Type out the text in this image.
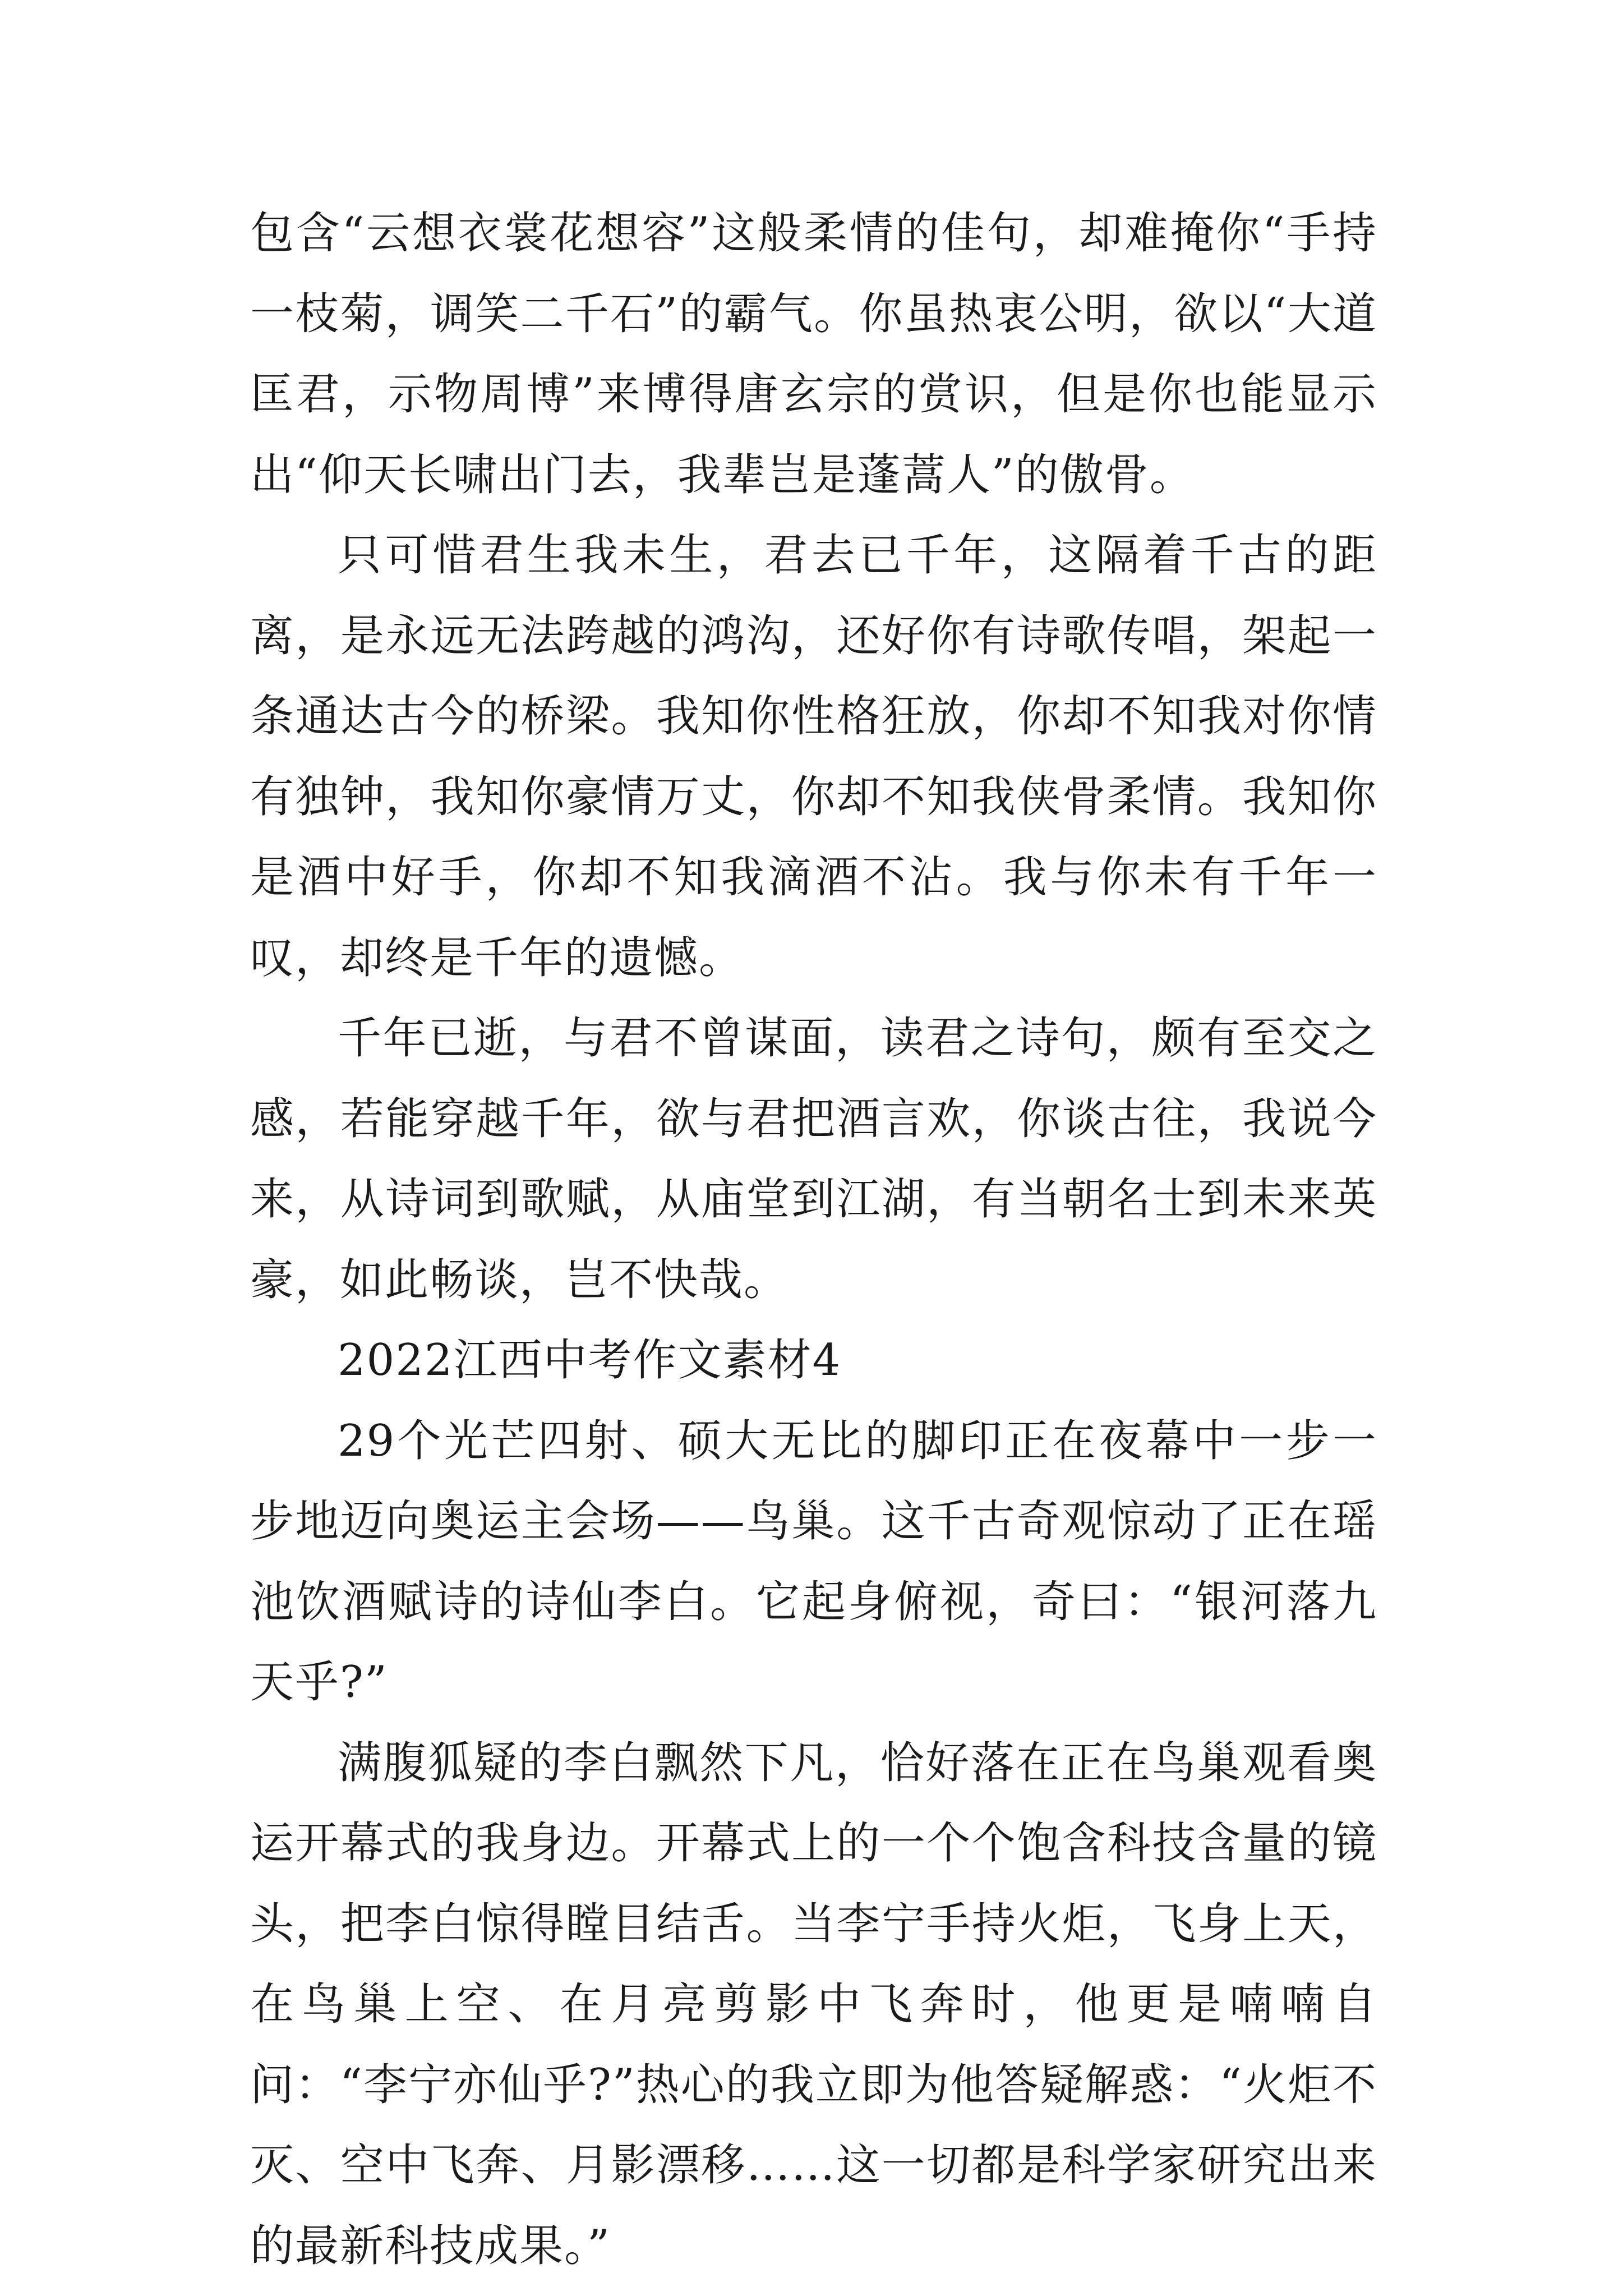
包含“云想衣裳花想容”这般柔情的佳句，却难掩你“手持一枝菊，调笑二千石”的霸气。你虽热衷公明，欲以“大道匡君，示物周博”来博得唐玄宗的赏识，但是你也能显示出“仰天长啸出门去，我辈岂是蓬蒿人”的傲骨。

只可惜君生我未生，君去已千年，这隔着千古的距离，是永远无法跨越的鸿沟，还好你有诗歌传唱，架起一条通达古今的桥梁。我知你性格狂放，你却不知我对你情有独钟，我知你豪情万丈，你却不知我侠骨柔情。我知你是酒中好手，你却不知我滴酒不沾。我与你未有千年一叹，却终是千年的遗憾。

千年已逝，与君不曾谋面，读君之诗句，颇有至交之感，若能穿越千年，欲与君把酒言欢，你谈古往，我说今来，从诗词到歌赋，从庙堂到江湖，有当朝名士到未来英豪，如此畅谈，岂不快哉。

2022江西中考作文素材4

29个光芒四射、硕大无比的脚印正在夜幕中一步一步地迈向奥运主会场——鸟巢。这千古奇观惊动了正在瑶池饮酒赋诗的诗仙李白。它起身俯视，奇曰：“银河落九天乎?”

满腹狐疑的李白飘然下凡，恰好落在正在鸟巢观看奥运开幕式的我身边。开幕式上的一个个饱含科技含量的镜头，把李白惊得瞠目结舌。当李宁手持火炬，飞身上天，在鸟巢上空、在月亮剪影中飞奔时，他更是喃喃自问：“李宁亦仙乎?”热心的我立即为他答疑解惑：“火炬不灭、空中飞奔、月影漂移……这一切都是科学家研究出来的最新科技成果。”
